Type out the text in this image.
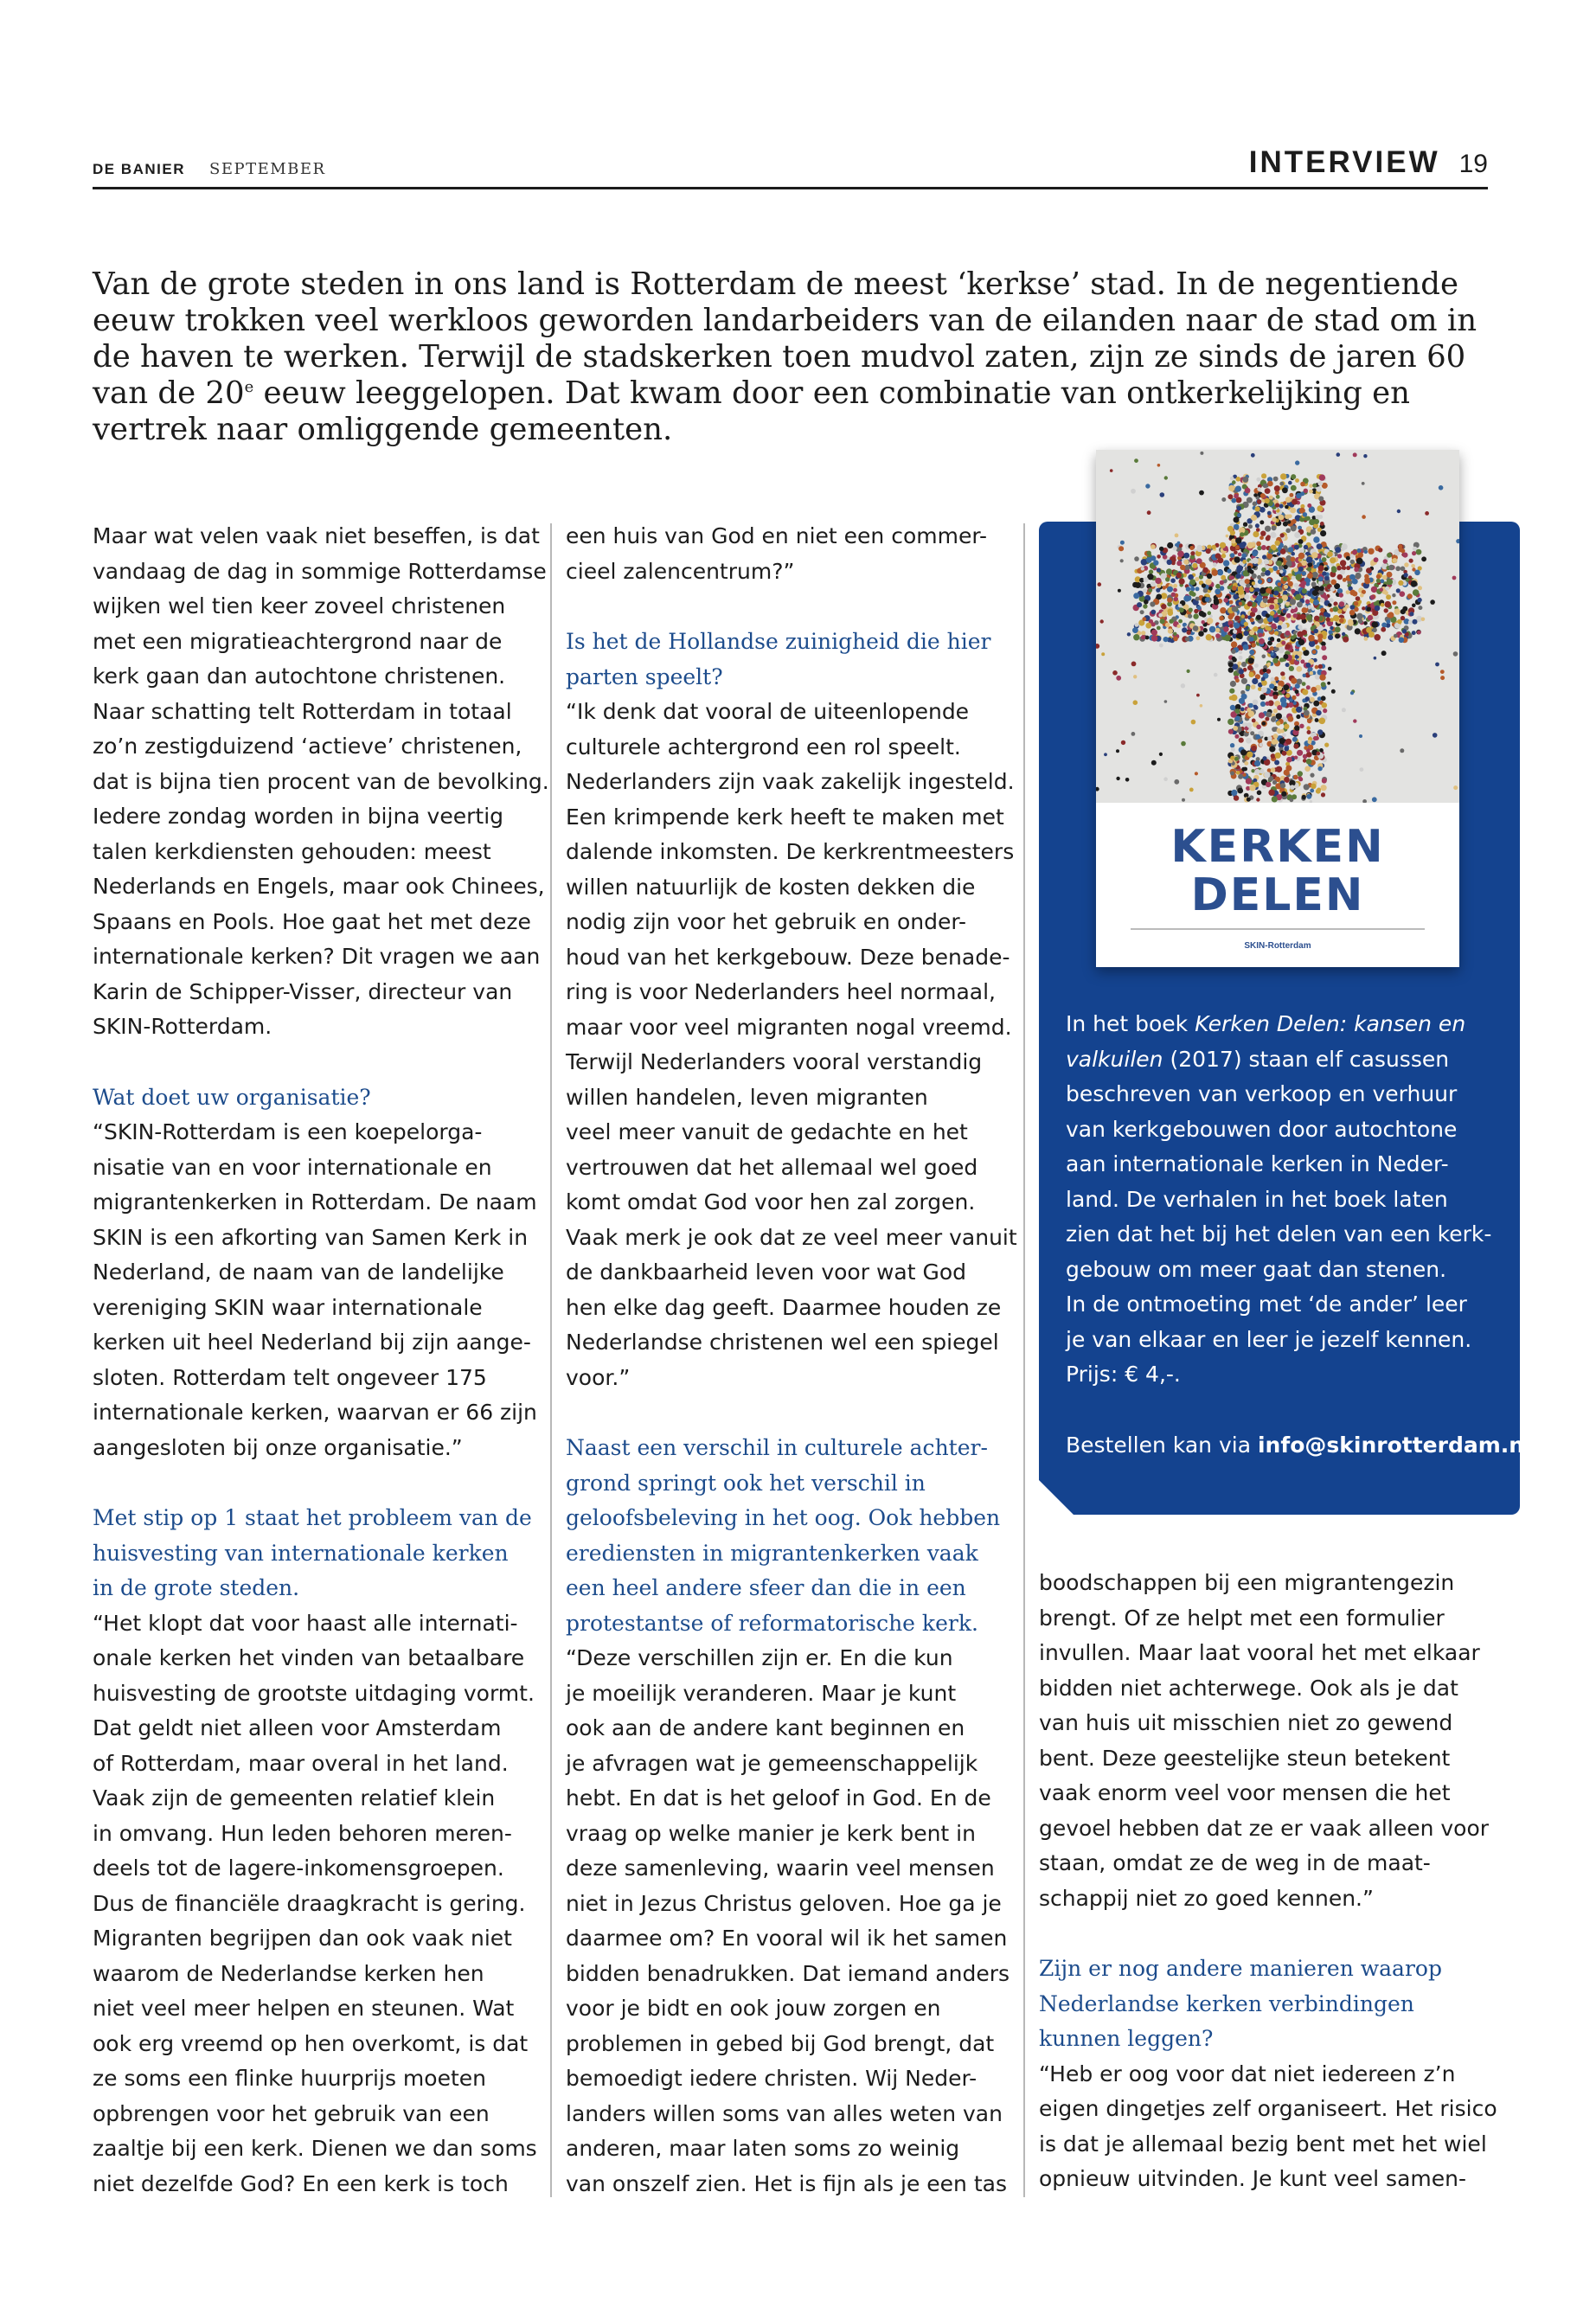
DE BANIER SEPTEMBER	INTERVIEW 19

Van de grote steden in ons land is Rotterdam de meest ‘kerkse’ stad. In de negentiende eeuw trokken veel werkloos geworden landarbeiders van de eilanden naar de stad om in de haven te werken. Terwijl de stadskerken toen mudvol zaten, zijn ze sinds de jaren 60 van de 20e eeuw leeggelopen. Dat kwam door een combinatie van ontkerkelijking en vertrek naar omliggende gemeenten.

KERKEN
DELEN
SKIN-Rotterdam

In het boek Kerken Delen: kansen en

valkuilen (2017) staan elf casussen

beschreven van verkoop en verhuur

van kerkgebouwen door autochtone

aan internationale kerken in Neder-

land. De verhalen in het boek laten

zien dat het bij het delen van een kerk-

gebouw om meer gaat dan stenen.

In de ontmoeting met ‘de ander’ leer

je van elkaar en leer je jezelf kennen.

Prijs: € 4,-.

Bestellen kan via info@skinrotterdam.nl

Maar wat velen vaak niet beseffen, is dat

vandaag de dag in sommige Rotterdamse

wijken wel tien keer zoveel christenen

met een migratieachtergrond naar de

kerk gaan dan autochtone christenen.

Naar schatting telt Rotterdam in totaal

zo’n zestigduizend ‘actieve’ christenen,

dat is bijna tien procent van de bevolking.

Iedere zondag worden in bijna veertig

talen kerkdiensten gehouden: meest

Nederlands en Engels, maar ook Chinees,

Spaans en Pools. Hoe gaat het met deze

internationale kerken? Dit vragen we aan

Karin de Schipper-Visser, directeur van

SKIN-Rotterdam.

Wat doet uw organisatie?

“SKIN-Rotterdam is een koepelorga-

nisatie van en voor internationale en

migrantenkerken in Rotterdam. De naam

SKIN is een afkorting van Samen Kerk in

Nederland, de naam van de landelijke

vereniging SKIN waar internationale

kerken uit heel Nederland bij zijn aange-

sloten. Rotterdam telt ongeveer 175

internationale kerken, waarvan er 66 zijn

aangesloten bij onze organisatie.”

Met stip op 1 staat het probleem van de

huisvesting van internationale kerken

in de grote steden.

“Het klopt dat voor haast alle internati-

onale kerken het vinden van betaalbare

huisvesting de grootste uitdaging vormt.

Dat geldt niet alleen voor Amsterdam

of Rotterdam, maar overal in het land.

Vaak zijn de gemeenten relatief klein

in omvang. Hun leden behoren meren-

deels tot de lagere-inkomensgroepen.

Dus de financiële draagkracht is gering.

Migranten begrijpen dan ook vaak niet

waarom de Nederlandse kerken hen

niet veel meer helpen en steunen. Wat

ook erg vreemd op hen overkomt, is dat

ze soms een flinke huurprijs moeten

opbrengen voor het gebruik van een

zaaltje bij een kerk. Dienen we dan soms

niet dezelfde God? En een kerk is toch

een huis van God en niet een commer-

cieel zalencentrum?”

Is het de Hollandse zuinigheid die hier

parten speelt?

“Ik denk dat vooral de uiteenlopende

culturele achtergrond een rol speelt.

Nederlanders zijn vaak zakelijk ingesteld.

Een krimpende kerk heeft te maken met

dalende inkomsten. De kerkrentmeesters

willen natuurlijk de kosten dekken die

nodig zijn voor het gebruik en onder-

houd van het kerkgebouw. Deze benade-

ring is voor Nederlanders heel normaal,

maar voor veel migranten nogal vreemd.

Terwijl Nederlanders vooral verstandig

willen handelen, leven migranten

veel meer vanuit de gedachte en het

vertrouwen dat het allemaal wel goed

komt omdat God voor hen zal zorgen.

Vaak merk je ook dat ze veel meer vanuit

de dankbaarheid leven voor wat God

hen elke dag geeft. Daarmee houden ze

Nederlandse christenen wel een spiegel

voor.”

Naast een verschil in culturele achter-

grond springt ook het verschil in

geloofsbeleving in het oog. Ook hebben

erediensten in migrantenkerken vaak

een heel andere sfeer dan die in een

protestantse of reformatorische kerk.

“Deze verschillen zijn er. En die kun

je moeilijk veranderen. Maar je kunt

ook aan de andere kant beginnen en

je afvragen wat je gemeenschappelijk

hebt. En dat is het geloof in God. En de

vraag op welke manier je kerk bent in

deze samenleving, waarin veel mensen

niet in Jezus Christus geloven. Hoe ga je

daarmee om? En vooral wil ik het samen

bidden benadrukken. Dat iemand anders

voor je bidt en ook jouw zorgen en

problemen in gebed bij God brengt, dat

bemoedigt iedere christen. Wij Neder-

landers willen soms van alles weten van

anderen, maar laten soms zo weinig

van onszelf zien. Het is fijn als je een tas

boodschappen bij een migrantengezin

brengt. Of ze helpt met een formulier

invullen. Maar laat vooral het met elkaar

bidden niet achterwege. Ook als je dat

van huis uit misschien niet zo gewend

bent. Deze geestelijke steun betekent

vaak enorm veel voor mensen die het

gevoel hebben dat ze er vaak alleen voor

staan, omdat ze de weg in de maat-

schappij niet zo goed kennen.”

Zijn er nog andere manieren waarop

Nederlandse kerken verbindingen

kunnen leggen?

“Heb er oog voor dat niet iedereen z’n

eigen dingetjes zelf organiseert. Het risico

is dat je allemaal bezig bent met het wiel

opnieuw uitvinden. Je kunt veel samen-
